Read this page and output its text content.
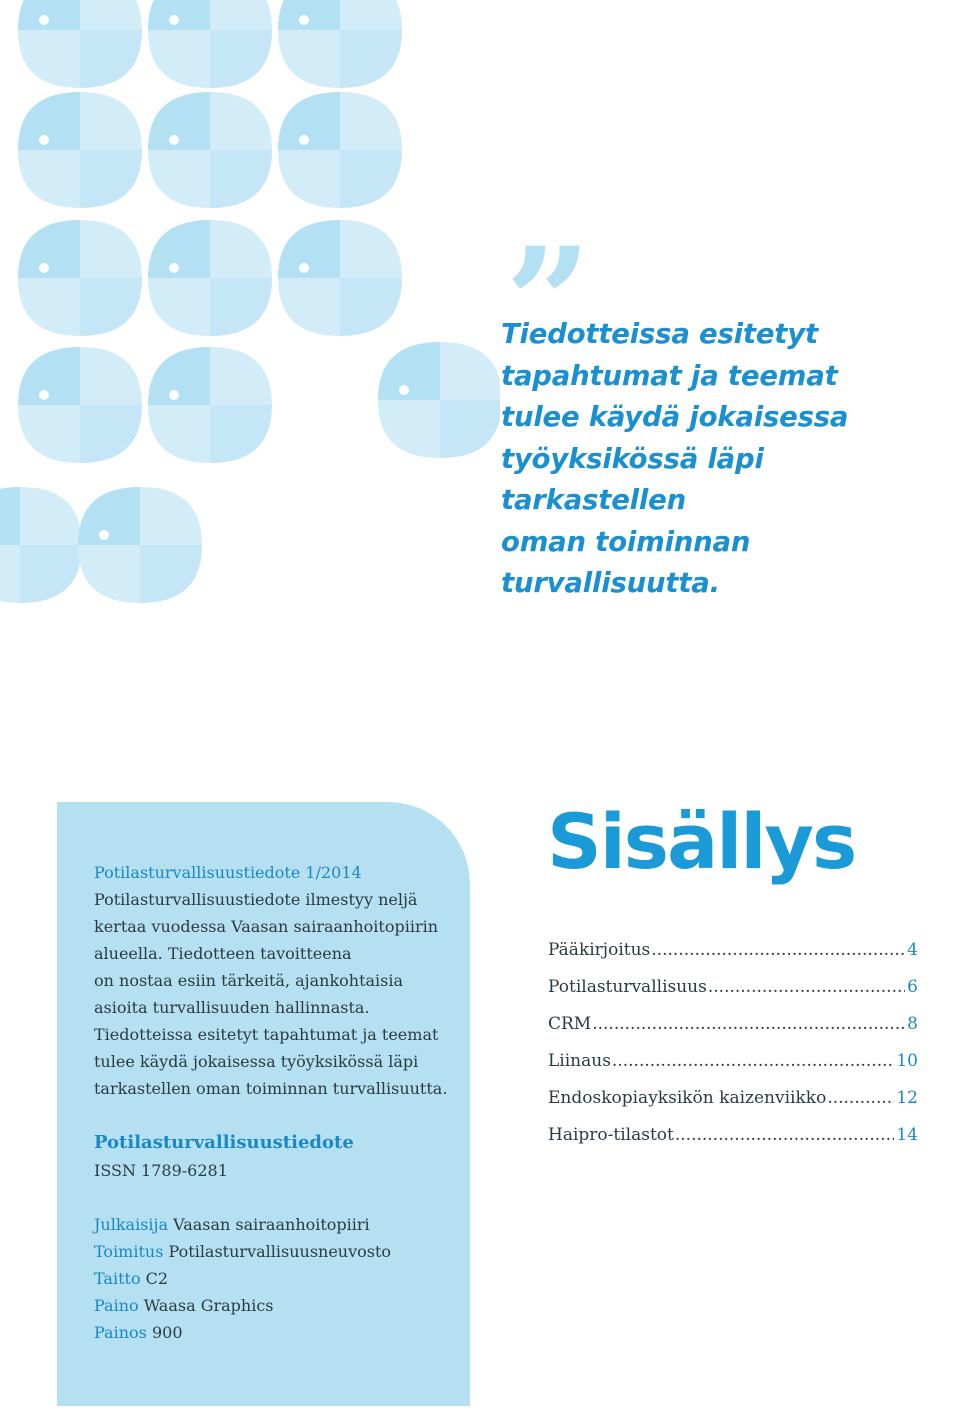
”
Tiedotteissa esitetyt
tapahtumat ja teemat
tulee käydä jokaisessa
työyksikössä läpi tarkastellen
oman toiminnan turvallisuutta.
Potilasturvallisuustiedote 1/2014
Potilasturvallisuustiedote ilmestyy neljä
kertaa vuodessa Vaasan sairaanhoitopiirin
alueella. Tiedotteen tavoitteena
on nostaa esiin tärkeitä, ajankohtaisia
asioita turvallisuuden hallinnasta.
Tiedotteissa esitetyt tapahtumat ja teemat
tulee käydä jokaisessa työyksikössä läpi
tarkastellen oman toiminnan turvallisuutta.
Potilasturvallisuustiedote
ISSN 1789-6281
Julkaisija Vaasan sairaanhoitopiiri
Toimitus Potilasturvallisuusneuvosto
Taitto C2
Paino Waasa Graphics
Painos 900
Sisällys
Pääkirjoitus .....	4
Potilasturvallisuus .....	6
CRM .....	8
Liinaus .....	10
Endoskopiayksikön kaizenviikko .....	12
Haipro-tilastot .....	14
